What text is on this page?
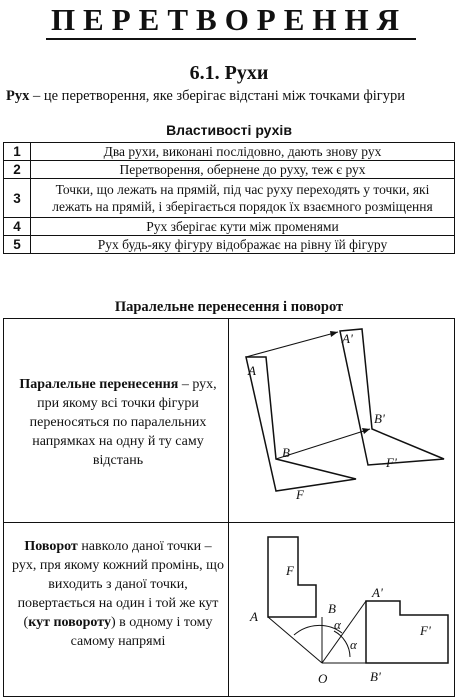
ПЕРЕТВОРЕННЯ
6.1. Рухи
Рух – це перетворення, яке зберігає відстані між точками фігури
Властивості рухів
1	Два рухи, виконані послідовно, дають знову рух
2	Перетворення, обернене до руху, теж є рух
3	Точки, що лежать на прямій, під час руху переходять у точки, які лежать на прямій, і зберігається порядок їх взаємного розміщення
4	Рух зберігає кути між променями
5	Рух будь-яку фігуру відображає на рівну їй фігуру
Паралельне перенесення і поворот
Паралельне перенесення – рух, при якому всі точки фігури переносяться по паралельних напрямках на одну й ту саму відстань
A
A'
B
B'
F
F'
Поворот навколо даної точки – рух, пря якому кожний промінь, що виходить з даної точки, повертається на один і той же кут (кут повороту) в одному і тому самому напрямі
F
A
B
A'
B'
F'
O
α
α
